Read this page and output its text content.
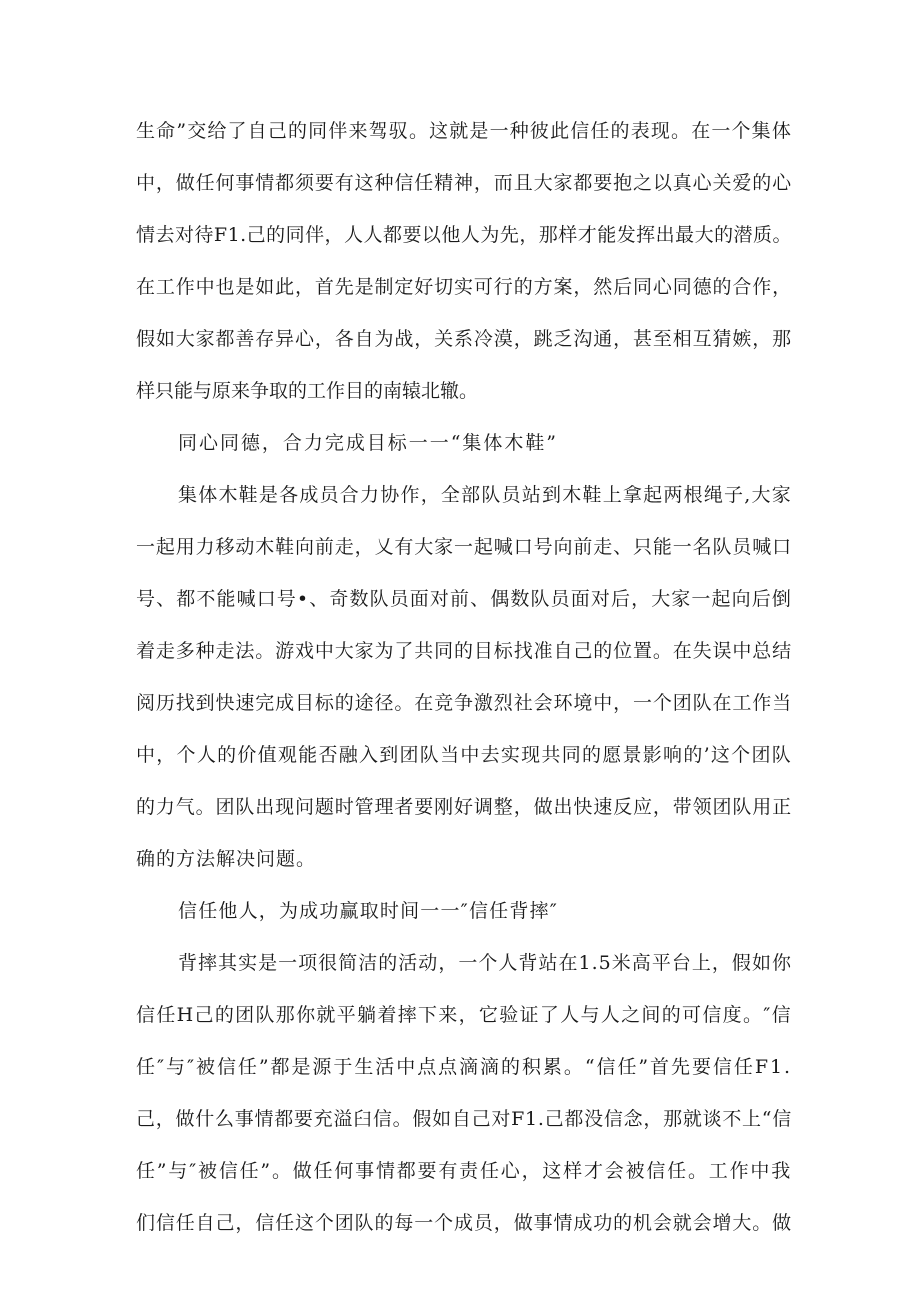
生命”交给了自己的同伴来驾驭。这就是一种彼此信任的表现。在一个集体

中，做任何事情都须要有这种信任精神，而且大家都要抱之以真心关爱的心

情去对待F1.己的同伴，人人都要以他人为先，那样才能发挥出最大的潜质。

在工作中也是如此，首先是制定好切实可行的方案，然后同心同德的合作，

假如大家都善存异心，各自为战，关系冷漠，跳乏沟通，甚至相互猜嫉，那

样只能与原来争取的工作目的南辕北辙。

同心同德，合力完成目标一一“集体木鞋”

集体木鞋是各成员合力协作，全部队员站到木鞋上拿起两根绳子,大家

一起用力移动木鞋向前走，乂有大家一起喊口号向前走、只能一名队员喊口

号、都不能喊口号•、奇数队员面对前、偶数队员面对后，大家一起向后倒

着走多种走法。游戏中大家为了共同的目标找准自己的位置。在失误中总结

阅历找到快速完成目标的途径。在竞争激烈社会环境中，一个团队在工作当

中，个人的价值观能否融入到团队当中去实现共同的愿景影响的’这个团队

的力气。团队出现问题时管理者要刚好调整，做出快速反应，带领团队用正

确的方法解决问题。

信任他人，为成功赢取时间一一″信任背摔″

背摔其实是一项很简洁的活动，一个人背站在1.5米高平台上，假如你

信任H己的团队那你就平躺着摔下来，它验证了人与人之间的可信度。″信

任″与″被信任”都是源于生活中点点滴滴的积累。“信任”首先要信任F1.

己，做什么事情都要充溢臼信。假如自己对F1.己都没信念，那就谈不上“信

任”与″被信任”。做任何事情都要有责任心，这样才会被信任。工作中我

们信任自己，信任这个团队的每一个成员，做事情成功的机会就会增大。做
